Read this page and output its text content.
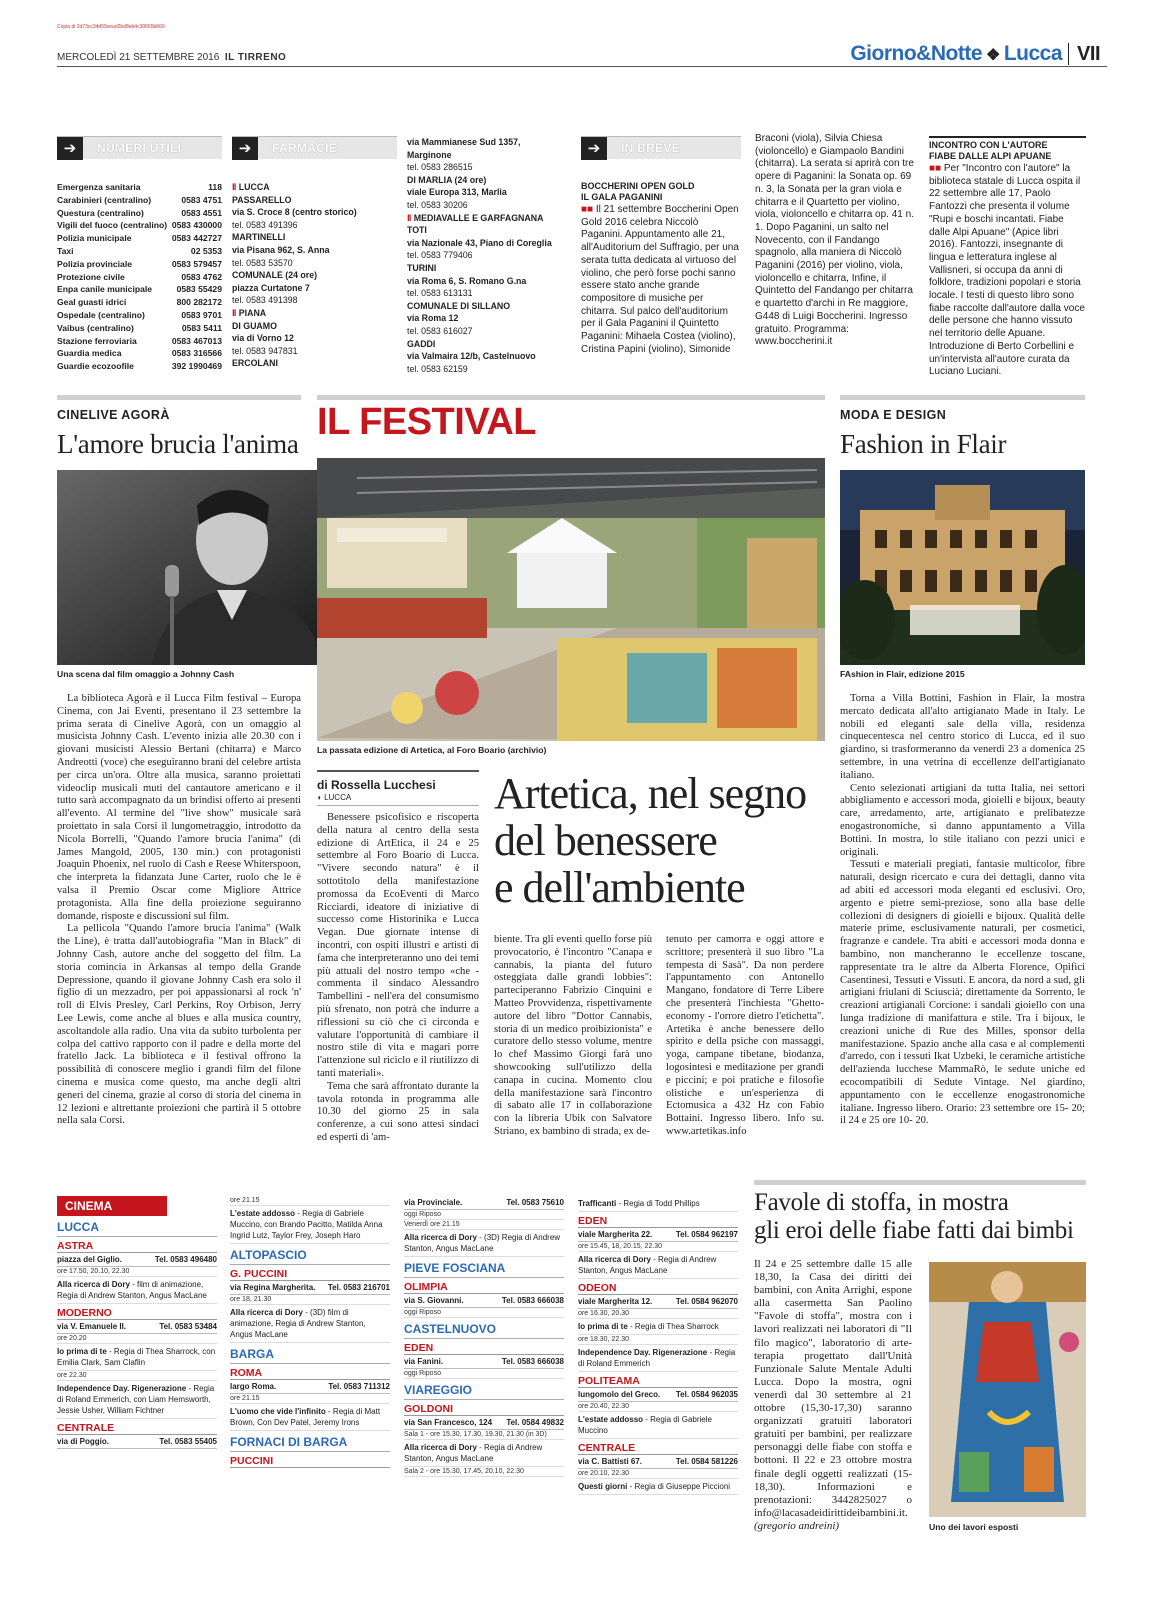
Copia di 2d73cc34d55cead2bd8eb4c30665b660
MERCOLEDÌ 21 SETTEMBRE 2016 IL TIRRENO	Giorno&Notte ❖ Lucca VII
➔	NUMERI UTILI
Emergenza sanitaria	118
Carabinieri (centralino)	0583 4751
Questura (centralino)	0583 4551
Vigili del fuoco (centralino) 0583 430000
Polizia municipale	0583 442727
Taxi	02 5353
Polizia provinciale	0583 579457
Protezione civile	0583 4762
Enpa canile municipale	0583 55429
Geal guasti idrici	800 282172
Ospedale (centralino)	0583 9701
Vaibus (centralino)	0583 5411
Stazione ferroviaria	0583 467013
Guardia medica	0583 316566
Guardie ecozoofile	392 1990469
➔	FARMACIE
Ⅱ LUCCA
PASSARELLO
via S. Croce 8 (centro storico)
tel. 0583 491396
MARTINELLI
via Pisana 962, S. Anna
tel. 0583 53570
COMUNALE (24 ore)
piazza Curtatone 7
tel. 0583 491398
Ⅱ PIANA
DI GUAMO
via di Vorno 12
tel. 0583 947831
ERCOLANI
via Mammianese Sud 1357,
Marginone
tel. 0583 286515
DI MARLIA (24 ore)
viale Europa 313, Marlia
tel. 0583 30206
Ⅱ MEDIAVALLE E GARFAGNANA
TOTI
via Nazionale 43, Piano di Coreglia
tel. 0583 779406
TURINI
via Roma 6, S. Romano G.na
tel. 0583 613131
COMUNALE DI SILLANO
via Roma 12
tel. 0583 616027
GADDI
via Valmaira 12/b, Castelnuovo
tel. 0583 62159
➔	IN BREVE
BOCCHERINI OPEN GOLD
IL GALA PAGANINI
■■ Il 21 settembre Boccherini Open Gold 2016 celebra Niccolò Paganini. Appuntamento alle 21, all'Auditorium del Suffragio, per una serata tutta dedicata al virtuoso del violino, che però forse pochi sanno essere stato anche grande compositore di musiche per chitarra. Sul palco dell'auditorium per il Gala Paganini il Quintetto Paganini: Mihaela Costea (violino), Cristina Papini (violino), Simonide
Braconi (viola), Silvia Chiesa (violoncello) e Giampaolo Bandini (chitarra). La serata si aprirà con tre opere di Paganini: la Sonata op. 69 n. 3, la Sonata per la gran viola e chitarra e il Quartetto per violino, viola, violoncello e chitarra op. 41 n. 1. Dopo Paganini, un salto nel Novecento, con il Fandango spagnolo, alla maniera di Niccolò Paganini (2016) per violino, viola, violoncello e chitarra, Infine, il Quintetto del Fandango per chitarra e quartetto d'archi in Re maggiore, G448 di Luigi Boccherini. Ingresso gratuito. Programma: www.boccherini.it
INCONTRO CON L'AUTORE
FIABE DALLE ALPI APUANE
■■ Per "Incontro con l'autore" la biblioteca statale di Lucca ospita il 22 settembre alle 17, Paolo Fantozzi che presenta il volume "Rupi e boschi incantati. Fiabe dalle Alpi Apuane" (Apice libri 2016). Fantozzi, insegnante di lingua e letteratura inglese al Vallisneri, si occupa da anni di folklore, tradizioni popolari e storia locale. I testi di questo libro sono fiabe raccolte dall'autore dalla voce delle persone che hanno vissuto nel territorio delle Apuane. Introduzione di Berto Corbellini e un'intervista all'autore curata da Luciano Luciani.
CINELIVE AGORÀ
L'amore brucia l'anima
Una scena dal film omaggio a Johnny Cash

La biblioteca Agorà e il Lucca Film festival – Europa Cinema, con Jai Eventi, presentano il 23 settembre la prima serata di Cinelive Agorà, con un omaggio al musicista Johnny Cash. L'evento inizia alle 20.30 con i giovani musicisti Alessio Bertani (chitarra) e Marco Andreotti (voce) che eseguiranno brani del celebre artista per circa un'ora. Oltre alla musica, saranno proiettati videoclip musicali muti del cantautore americano e il tutto sarà accompagnato da un brindisi offerto ai presenti all'evento. Al termine del "live show" musicale sarà proiettato in sala Corsi il lungometraggio, introdotto da Nicola Borrelli, "Quando l'amore brucia l'anima" (di James Mangold, 2005, 130 min.) con protagonisti Joaquin Phoenix, nel ruolo di Cash e Reese Whiterspoon, che interpreta la fidanzata June Carter, ruolo che le è valsa il Premio Oscar come Migliore Attrice protagonista. Alla fine della proiezione seguiranno domande, risposte e discussioni sul film.

La pellicola "Quando l'amore brucia l'anima" (Walk the Line), è tratta dall'autobiografia "Man in Black" di Johnny Cash, autore anche del soggetto del film. La storia comincia in Arkansas al tempo della Grande Depressione, quando il giovane Johnny Cash era solo il figlio di un mezzadro, per poi appassionarsi al rock 'n' roll di Elvis Presley, Carl Perkins, Roy Orbison, Jerry Lee Lewis, come anche al blues e alla musica country, ascoltandole alla radio. Una vita da subito turbolenta per colpa del cattivo rapporto con il padre e della morte del fratello Jack. La biblioteca e il festival offrono la possibilità di conoscere meglio i grandi film del filone cinema e musica come questo, ma anche degli altri generi del cinema, grazie al corso di storia del cinema in 12 lezioni e altrettante proiezioni che partirà il 5 ottobre nella sala Corsi.

IL FESTIVAL
La passata edizione di Artetica, al Foro Boario (archivio)
di Rossella Lucchesi
◗ LUCCA

Benessere psicofisico e riscoperta della natura al centro della sesta edizione di ArtEtica, il 24 e 25 settembre al Foro Boario di Lucca. "Vivere secondo natura" è il sottotitolo della manifestazione promossa da EcoEventi di Marco Ricciardi, ideatore di iniziative di successo come Historinika e Lucca Vegan. Due giornate intense di incontri, con ospiti illustri e artisti di fama che interpreteranno uno dei temi più attuali del nostro tempo «che - commenta il sindaco Alessandro Tambellini - nell'era del consumismo più sfrenato, non potrà che indurre a riflessioni su ciò che ci circonda e valutare l'opportunità di cambiare il nostro stile di vita e magari porre l'attenzione sul riciclo e il riutilizzo di tanti materiali».

Tema che sarà affrontato durante la tavola rotonda in programma alle 10.30 del giorno 25 in sala conferenze, a cui sono attesi sindaci ed esperti di 'am-

Artetica, nel segno
del benessere
e dell'ambiente
biente. Tra gli eventi quello forse più provocatorio, è l'incontro "Canapa e cannabis, la pianta del futuro osteggiata dalle grandi lobbies": parteciperanno Fabrizio Cinquini e Matteo Provvidenza, rispettivamente autore del libro "Dottor Cannabis, storia di un medico proibizionista" e curatore dello stesso volume, mentre lo chef Massimo Giorgi farà uno showcooking sull'utilizzo della canapa in cucina. Momento clou della manifestazione sarà l'incontro di sabato alle 17 in collaborazione con la libreria Ubik con Salvatore Striano, ex bambino di strada, ex de-
tenuto per camorra e oggi attore e scrittore; presenterà il suo libro "La tempesta di Sasà". Da non perdere l'appuntamento con Antonello Mangano, fondatore di Terre Libere che presenterà l'inchiesta "Ghetto-economy - l'orrore dietro l'etichetta". Artetika è anche benessere dello spirito e della psiche con massaggi, yoga, campane tibetane, biodanza, logosintesi e meditazione per grandi e piccini; e poi pratiche e filosofie olistiche e un'esperienza di Ectomusica a 432 Hz con Fabio Bottaini. Ingresso libero. Info su. www.artetikas.info
MODA E DESIGN
Fashion in Flair
FAshion in Flair, edizione 2015

Torna a Villa Bottini, Fashion in Flair, la mostra mercato dedicata all'alto artigianato Made in Italy. Le nobili ed eleganti sale della villa, residenza cinquecentesca nel centro storico di Lucca, ed il suo giardino, si trasformeranno da venerdì 23 a domenica 25 settembre, in una vetrina di eccellenze dell'artigianato italiano.

Cento selezionati artigiani da tutta Italia, nei settori abbigliamento e accessori moda, gioielli e bijoux, beauty care, arredamento, arte, artigianato e prelibatezze enogastronomiche, si danno appuntamento a Villa Bottini. In mostra, lo stile italiano con pezzi unici e originali.

Tessuti e materiali pregiati, fantasie multicolor, fibre naturali, design ricercato e cura dei dettagli, danno vita ad abiti ed accessori moda eleganti ed esclusivi. Oro, argento e pietre semi-preziose, sono alla base delle collezioni di designers di gioielli e bijoux. Qualità delle materie prime, esclusivamente naturali, per cosmetici, fragranze e candele. Tra abiti e accessori moda donna e bambino, non mancheranno le eccellenze toscane, rappresentate tra le altre da Alberta Florence, Opifici Casentinesi, Tessuti e Vissuti. E ancora, da nord a sud, gli artigiani friulani di Sciuscià; direttamente da Sorrento, le creazioni artigianali Corcione: i sandali gioiello con una lunga tradizione di manifattura e stile. Tra i bijoux, le creazioni uniche di Rue des Milles, sponsor della manifestazione. Spazio anche alla casa e al complementi d'arredo, con i tessuti Ikat Uzbeki, le ceramiche artistiche dell'azienda lucchese MammaRò, le sedute uniche ed ecocompatibili di Sedute Vintage. Nel giardino, appuntamento con le eccellenze enogastronomiche italiane. Ingresso libero. Orario: 23 settembre ore 15- 20; il 24 e 25 ore 10- 20.

CINEMA
LUCCA
ASTRA
piazza del Giglio.	Tel. 0583 496480
ore 17.50, 20.10, 22.30
Alla ricerca di Dory - film di animazione, Regia di Andrew Stanton, Angus MacLane
MODERNO
via V. Emanuele II.	Tel. 0583 53484
ore 20.20
Io prima di te - Regia di Thea Sharrock, con Emilia Clark, Sam Claflin
ore 22.30
Independence Day. Rigenerazione - Regia di Roland Emmerich, con Liam Hemsworth, Jessie Usher, William Fichtner
CENTRALE
via di Poggio.	Tel. 0583 55405
ore 21.15
L'estate addosso - Regia di Gabriele Muccino, con Brando Pacitto, Matilda Anna Ingrid Lutz, Taylor Frey, Joseph Haro
ALTOPASCIO
G. PUCCINI
via Regina Margherita. Tel. 0583 216701
ore 18, 21.30
Alla ricerca di Dory - (3D) film di animazione, Regia di Andrew Stanton, Angus MacLane
BARGA
ROMA
largo Roma.	Tel. 0583 711312
ore 21.15
L'uomo che vide l'infinito - Regia di Matt Brown, Con Dev Patel, Jeremy Irons
FORNACI DI BARGA
PUCCINI
via Provinciale.	Tel. 0583 75610
oggi Riposo
Venerdì ore 21.15
Alla ricerca di Dory - (3D) Regia di Andrew Stanton, Angus MacLane
PIEVE FOSCIANA
OLIMPIA
via S. Giovanni.	Tel. 0583 666038
oggi Riposo
CASTELNUOVO
EDEN
via Fanini.	Tel. 0583 666038
oggi Riposo
VIAREGGIO
GOLDONI
via San Francesco, 124 Tel. 0584 49832
Sala 1 - ore 15.30, 17.30, 19.30, 21.30 (in 3D)
Alla ricerca di Dory - Regia di Andrew Stanton, Angus MacLane
Sala 2 - ore 15.30, 17.45, 20.10, 22.30
Trafficanti - Regia di Todd Phillips
EDEN
viale Margherita 22.	Tel. 0584 962197
ore 15.45, 18, 20.15, 22.30
Alla ricerca di Dory - Regia di Andrew Stanton, Angus MacLane
ODEON
viale Margherita 12.	Tel. 0584 962070
ore 16.30, 20.30
Io prima di te - Regia di Thea Sharrock
ore 18.30, 22.30
Independence Day. Rigenerazione - Regia di Roland Emmerich
POLITEAMA
lungomolo del Greco. Tel. 0584 962035
ore 20.40, 22.30
L'estate addosso - Regia di Gabriele Muccino
CENTRALE
via C. Battisti 67.	Tel. 0584 581226
ore 20.10, 22.30
Questi giorni - Regia di Giuseppe Piccioni
Favole di stoffa, in mostra
gli eroi delle fiabe fatti dai bimbi
Il 24 e 25 settembre dalle 15 alle 18,30, la Casa dei diritti dei bambini, con Anita Arrighi, espone alla casermetta San Paolino "Favole di stoffa", mostra con i lavori realizzati nei laboratori di "Il filo magico", laboratorio di arte-terapia progettato dall'Unità Funzionale Salute Mentale Adulti Lucca. Dopo la mostra, ogni venerdì dal 30 settembre al 21 ottobre (15,30-17,30) saranno organizzati gratuiti laboratori gratuiti per bambini, per realizzare personaggi delle fiabe con stoffa e bottoni. Il 22 e 23 ottobre mostra finale degli oggetti realizzati (15-18,30). Informazioni e prenotazioni: 3442825027 o info@lacasadeidirittideibambini.it. (gregorio andreini)	Uno dei lavori esposti
